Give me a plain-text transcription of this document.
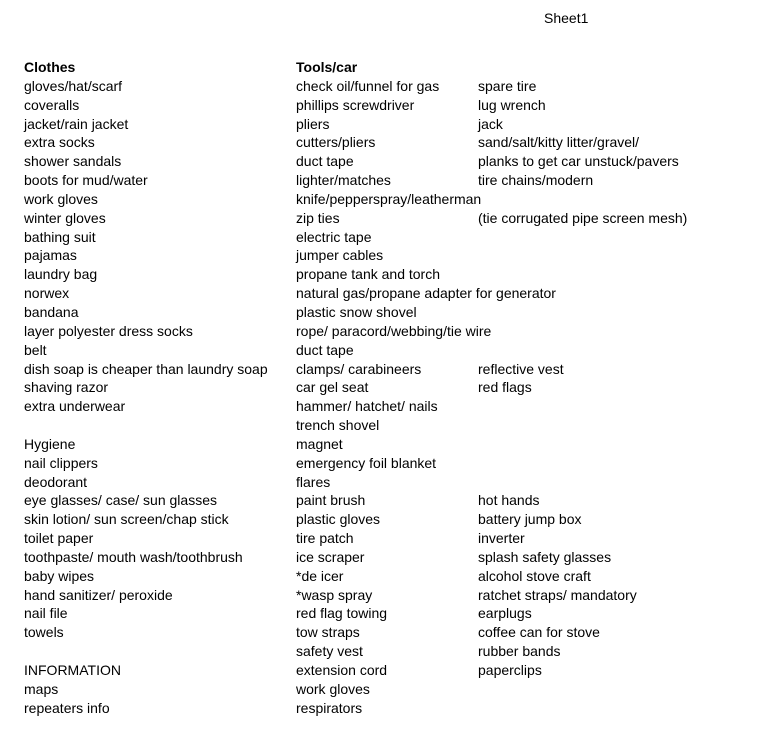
Sheet1
Clothes
gloves/hat/scarf
coveralls
jacket/rain jacket
extra socks
shower sandals
boots for mud/water
work gloves
winter gloves
bathing suit
pajamas
laundry bag
norwex
bandana
layer polyester dress socks
belt
dish soap is cheaper than laundry soap
shaving razor
extra underwear
Hygiene
nail clippers
deodorant
eye glasses/ case/ sun glasses
skin lotion/ sun screen/chap stick
toilet paper
toothpaste/ mouth wash/toothbrush
baby wipes
hand sanitizer/ peroxide
nail file
towels
INFORMATION
maps
repeaters info
Tools/car
check oil/funnel for gas
phillips screwdriver
pliers
cutters/pliers
duct tape
lighter/matches
knife/pepperspray/leatherman
zip ties
electric tape
jumper cables
propane tank and torch
natural gas/propane adapter for generator
plastic snow shovel
rope/ paracord/webbing/tie wire
duct tape
clamps/ carabineers
car gel seat
hammer/ hatchet/ nails
trench shovel
magnet
emergency foil blanket
flares
paint brush
plastic gloves
tire patch
ice scraper
*de icer
*wasp spray
red flag towing
tow straps
safety vest
extension cord
work gloves
respirators
spare tire
lug wrench
jack
sand/salt/kitty litter/gravel/
planks to get car unstuck/pavers
tire chains/modern
(tie corrugated pipe screen mesh)
reflective vest
red flags
hot hands
battery jump box
inverter
splash safety glasses
alcohol stove craft
ratchet straps/ mandatory
earplugs
coffee can for stove
rubber bands
paperclips
